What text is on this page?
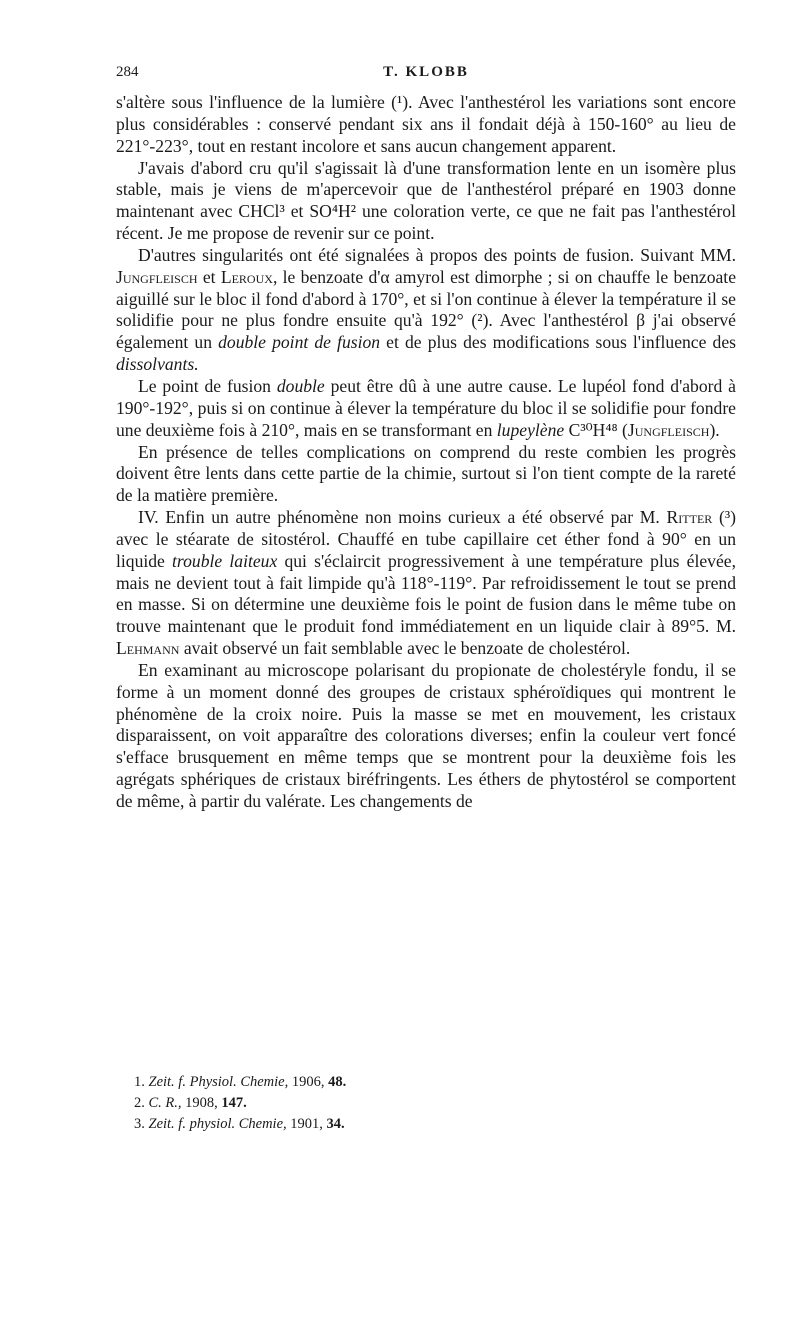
284	T. KLOBB

s'altère sous l'influence de la lumière (¹). Avec l'anthestérol les variations sont encore plus considérables : conservé pendant six ans il fondait déjà à 150-160° au lieu de 221°-223°, tout en restant incolore et sans aucun changement apparent.

J'avais d'abord cru qu'il s'agissait là d'une transformation lente en un isomère plus stable, mais je viens de m'apercevoir que de l'anthestérol préparé en 1903 donne maintenant avec CHCl³ et SO⁴H² une coloration verte, ce que ne fait pas l'anthestérol récent. Je me propose de revenir sur ce point.

D'autres singularités ont été signalées à propos des points de fusion. Suivant MM. Jungfleisch et Leroux, le benzoate d'α amyrol est dimorphe ; si on chauffe le benzoate aiguillé sur le bloc il fond d'abord à 170°, et si l'on continue à élever la température il se solidifie pour ne plus fondre ensuite qu'à 192° (²). Avec l'anthestérol β j'ai observé également un double point de fusion et de plus des modifications sous l'influence des dissolvants.

Le point de fusion double peut être dû à une autre cause. Le lupéol fond d'abord à 190°-192°, puis si on continue à élever la température du bloc il se solidifie pour fondre une deuxième fois à 210°, mais en se transformant en lupeylène C³⁰H⁴⁸ (Jungfleisch).

En présence de telles complications on comprend du reste combien les progrès doivent être lents dans cette partie de la chimie, surtout si l'on tient compte de la rareté de la matière première.

IV. Enfin un autre phénomène non moins curieux a été observé par M. Ritter (³) avec le stéarate de sitostérol. Chauffé en tube capillaire cet éther fond à 90° en un liquide trouble laiteux qui s'éclaircit progressivement à une température plus élevée, mais ne devient tout à fait limpide qu'à 118°-119°. Par refroidissement le tout se prend en masse. Si on détermine une deuxième fois le point de fusion dans le même tube on trouve maintenant que le produit fond immédiatement en un liquide clair à 89°5. M. Lehmann avait observé un fait semblable avec le benzoate de cholestérol.

En examinant au microscope polarisant du propionate de cholestéryle fondu, il se forme à un moment donné des groupes de cristaux sphéroïdiques qui montrent le phénomène de la croix noire. Puis la masse se met en mouvement, les cristaux disparaissent, on voit apparaître des colorations diverses; enfin la couleur vert foncé s'efface brusquement en même temps que se montrent pour la deuxième fois les agrégats sphériques de cristaux biréfringents. Les éthers de phytostérol se comportent de même, à partir du valérate. Les changements de

1. Zeit. f. Physiol. Chemie, 1906, 48.
2. C. R., 1908, 147.
3. Zeit. f. physiol. Chemie, 1901, 34.
